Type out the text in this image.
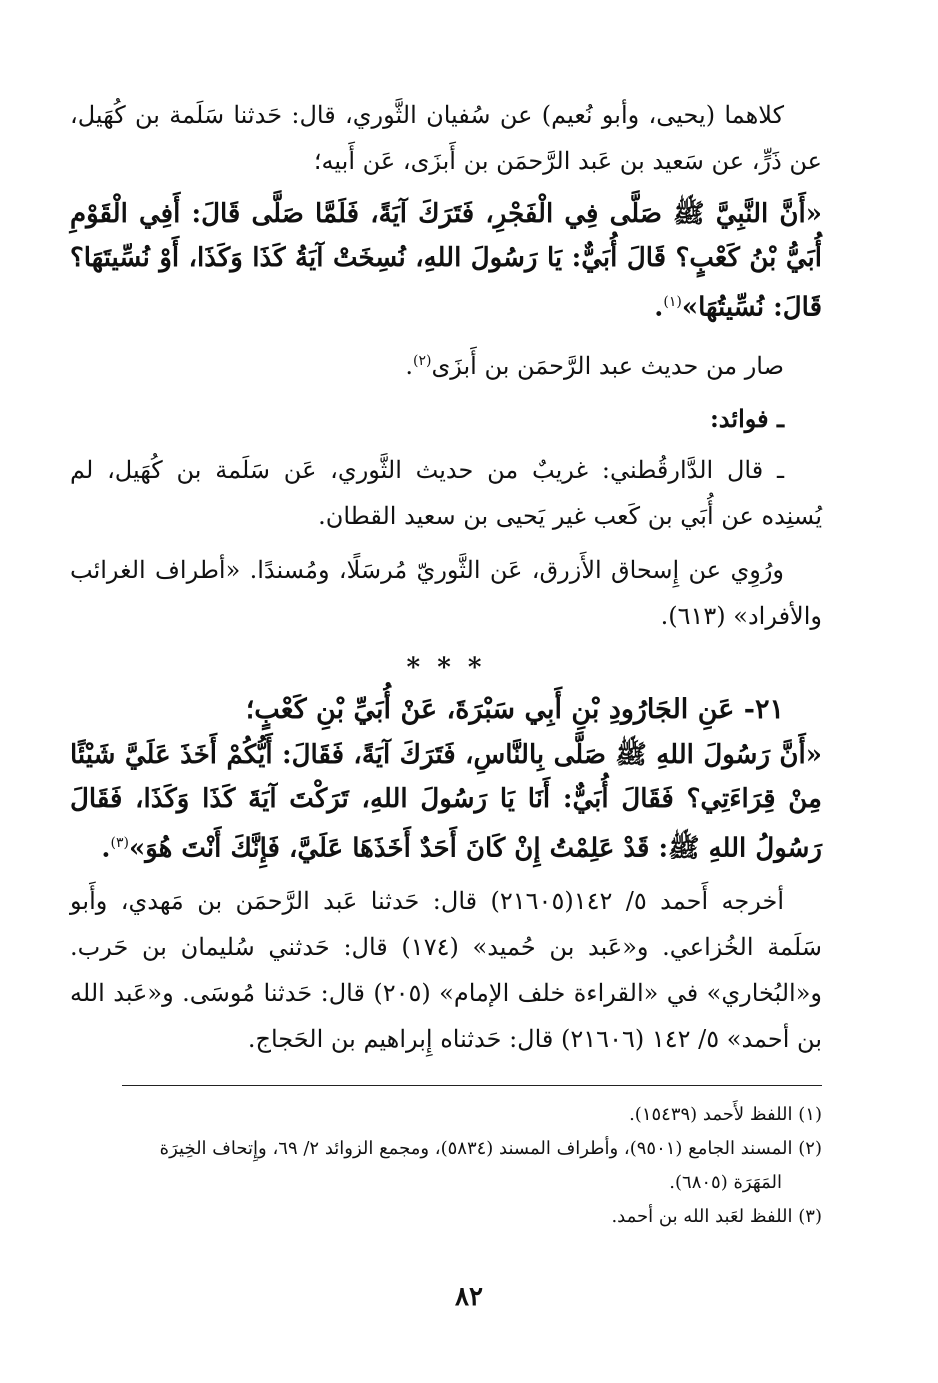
كلاهما (يحيى، وأبو نُعيم) عن سُفيان الثَّوري، قال: حَدثنا سَلَمة بن كُهَيل، عن ذَرٍّ، عن سَعيد بن عَبد الرَّحمَن بن أَبزَى، عَن أَبيه؛

«أَنَّ النَّبِيَّ ﷺ صَلَّى فِي الْفَجْرِ، فَتَرَكَ آيَةً، فَلَمَّا صَلَّى قَالَ: أَفِي الْقَوْمِ أُبَيُّ بْنُ كَعْبٍ؟ قَالَ أُبَيٌّ: يَا رَسُولَ اللهِ، نُسِخَتْ آيَةُ كَذَا وَكَذَا، أَوْ نُسِّيتَهَا؟ قَالَ: نُسِّيتُهَا»$^{(١)}$.

صار من حديث عبد الرَّحمَن بن أَبزَى$^{(٢)}$.

ـ فوائد:

ـ قال الدَّارقُطني: غريبٌ من حديث الثَّوري، عَن سَلَمة بن كُهَيل، لم يُسنِده عن أُبَي بن كَعب غير يَحيى بن سعيد القطان.

ورُوِي عن إِسحاق الأَزرق، عَن الثَّوريّ مُرسَلًا، ومُسندًا. «أطراف الغرائب والأفراد» (٦١٣).

* * *

٢١- عَنِ الجَارُودِ بْنِ أَبِي سَبْرَةَ، عَنْ أُبَيِّ بْنِ كَعْبٍ؛

«أَنَّ رَسُولَ اللهِ ﷺ صَلَّى بِالنَّاسِ، فَتَرَكَ آيَةً، فَقَالَ: أَيُّكُمْ أَخَذَ عَلَيَّ شَيْئًا مِنْ قِرَاءَتِي؟ فَقَالَ أُبَيٌّ: أَنَا يَا رَسُولَ اللهِ، تَرَكْتَ آيَةَ كَذَا وَكَذَا، فَقَالَ رَسُولُ اللهِ ﷺ: قَدْ عَلِمْتُ إِنْ كَانَ أَحَدٌ أَخَذَهَا عَلَيَّ، فَإِنَّكَ أَنْتَ هُوَ»$^{(٣)}$.

أخرجه أَحمد ٥/ ١٤٢(٢١٦٠٥) قال: حَدثنا عَبد الرَّحمَن بن مَهدي، وأَبو سَلَمة الخُزاعي. و«عَبد بن حُميد» (١٧٤) قال: حَدثني سُليمان بن حَرب. و«البُخاري» في «القراءة خلف الإمام» (٢٠٥) قال: حَدثنا مُوسَى. و«عَبد الله بن أحمد» ٥/ ١٤٢ (٢١٦٠٦) قال: حَدثناه إِبراهيم بن الحَجاج.

(١) اللفظ لأَحمد (١٥٤٣٩).

(٢) المسند الجامع (٩٥٠١)، وأطراف المسند (٥٨٣٤)، ومجمع الزوائد ٢/ ٦٩، وإِتحاف الخِيرَة
المَهَرَة (٦٨٠٥).

(٣) اللفظ لعَبد الله بن أحمد.

٨٢
